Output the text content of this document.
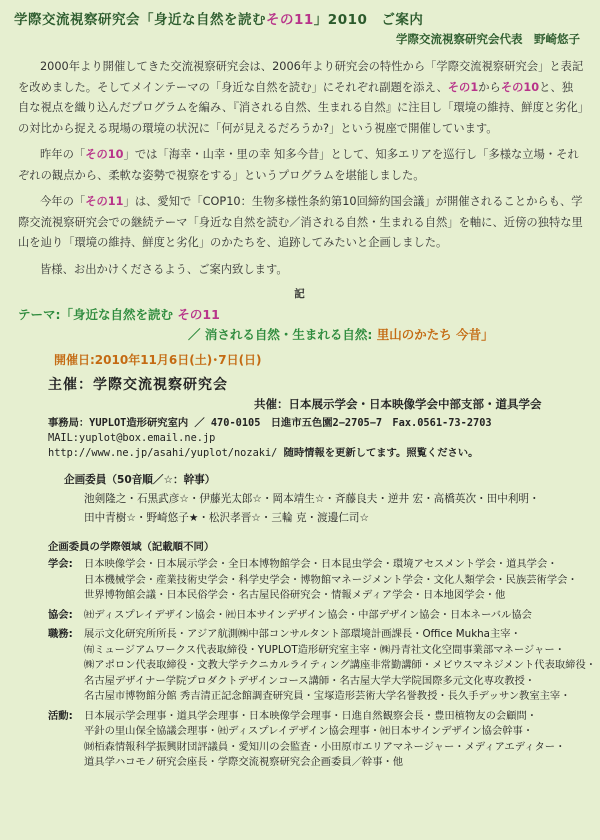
学際交流視察研究会「身近な自然を読むその11」2010　ご案内
学際交流視察研究会代表　野崎悠子

2000年より開催してきた交流視察研究会は、2006年より研究会の特性から「学際交流視察研究会」と表記を改めました。そしてメインテーマの「身近な自然を読む」にそれぞれ副題を添え、その1からその10と、独自な視点を織り込んだプログラムを編み、『消される自然、生まれる自然』に注目し「環境の維持、鮮度と劣化」の対比から捉える現場の環境の状況に「何が見えるだろうか?」という視座で開催しています。

昨年の「その10」では「海幸・山幸・里の幸 知多今昔」として、知多エリアを巡行し「多様な立場・それぞれの観点から、柔軟な姿勢で視察をする」というプログラムを堪能しました。

今年の「その11」は、愛知で「COP10：生物多様性条約第10回締約国会議」が開催されることからも、学際交流視察研究会での継続テーマ「身近な自然を読む／消される自然・生まれる自然」を軸に、近傍の独特な里山を辿り「環境の維持、鮮度と劣化」のかたちを、追跡してみたいと企画しました。

皆様、お出かけくださるよう、ご案内致します。

記
テーマ:「身近な自然を読む その11
／ 消される自然・生まれる自然: 里山のかたち 今昔」
開催日:2010年11月6日(土)･7日(日)
主催：学際交流視察研究会
共催：日本展示学会・日本映像学会中部支部・道具学会
事務局：YUPLOT造形研究室内 ／ 470-0105　日進市五色園2−2705−7　Fax.0561-73-2703
MAIL:yuplot@box.email.ne.jp
http://www.ne.jp/asahi/yuplot/nozaki/ 随時情報を更新してます。照覧ください。
企画委員（50音順／☆：幹事）
池剣隆之・石黒武彦☆・伊藤光太郎☆・岡本靖生☆・斉藤良夫・逆井 宏・高橋英次・田中利明・
田中青樹☆・野崎悠子★・松沢孝晋☆・三輪 克・渡邊仁司☆
企画委員の学際領域（記載順不同）
学会:	日本映像学会・日本展示学会・全日本博物館学会・日本昆虫学会・環境アセスメント学会・道具学会・
日本機械学会・産業技術史学会・科学史学会・博物館マネージメント学会・文化人類学会・民族芸術学会・
世界博物館会議・日本民俗学会・名古屋民俗研究会・情報メディア学会・日本地図学会・他
協会:	㈳ディスプレイデザイン協会・㈳日本サインデザイン協会・中部デザイン協会・日本ネーバル協会
職務:	展示文化研究所所長・アジア航測㈱中部コンサルタント部環境計画課長・Office Mukha主宰・
㈲ミュージアムワークス代表取締役・YUPLOT造形研究室主宰・㈱丹青社文化空間事業部マネージャー・
㈱アポロン代表取締役・文教大学テクニカルライティング講座非常勤講師・メビウスマネジメント代表取締役・
名古屋デザイナー学院プロダクトデザインコース講師・名古屋大学大学院国際多元文化専攻教授・
名古屋市博物館分館 秀吉清正記念館調査研究員・宝塚造形芸術大学名誉教授・長久手デッサン教室主宰・
活動:	日本展示学会理事・道具学会理事・日本映像学会理事・日進自然観察会長・豊田植物友の会顧問・
平針の里山保全協議会理事・㈳ディスプレイデザイン協会理事・㈳日本サインデザイン協会幹事・
㈶栢森情報科学振興財団評議員・愛知川の会監査・小田原市エリアマネージャー・メディアエディター・
道具学ハコモノ研究会座長・学際交流視察研究会企画委員／幹事・他
